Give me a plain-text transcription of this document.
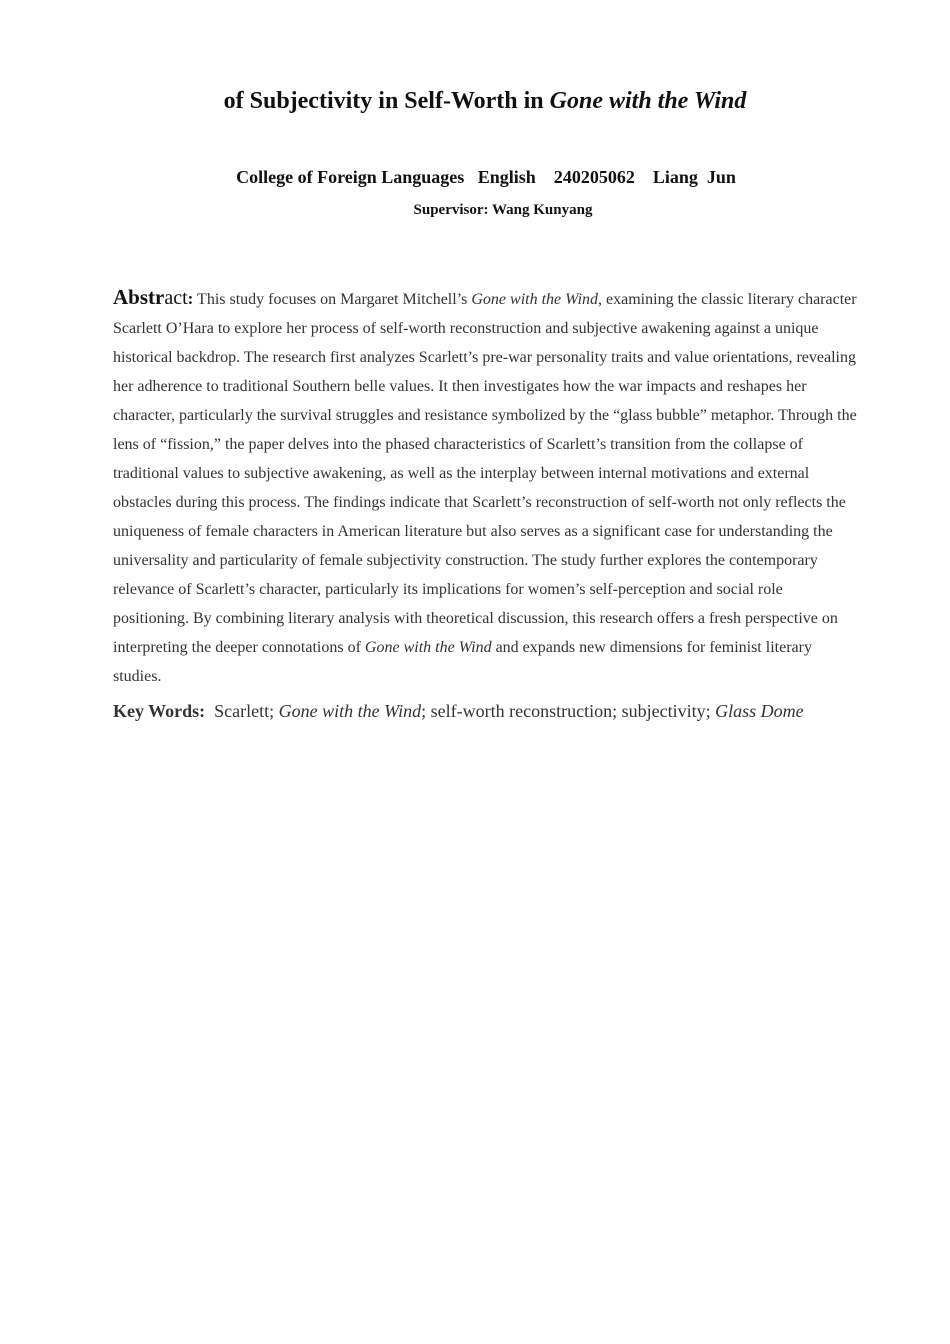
of Subjectivity in Self-Worth in Gone with the Wind
College of Foreign Languages   English    240205062    Liang  Jun
Supervisor: Wang Kunyang
Abstract: This study focuses on Margaret Mitchell’s Gone with the Wind, examining the classic literary character Scarlett O’Hara to explore her process of self-worth reconstruction and subjective awakening against a unique historical backdrop. The research first analyzes Scarlett’s pre-war personality traits and value orientations, revealing her adherence to traditional Southern belle values. It then investigates how the war impacts and reshapes her character, particularly the survival struggles and resistance symbolized by the “glass bubble” metaphor. Through the lens of “fission,” the paper delves into the phased characteristics of Scarlett’s transition from the collapse of traditional values to subjective awakening, as well as the interplay between internal motivations and external obstacles during this process. The findings indicate that Scarlett’s reconstruction of self-worth not only reflects the uniqueness of female characters in American literature but also serves as a significant case for understanding the universality and particularity of female subjectivity construction. The study further explores the contemporary relevance of Scarlett’s character, particularly its implications for women’s self-perception and social role positioning. By combining literary analysis with theoretical discussion, this research offers a fresh perspective on interpreting the deeper connotations of Gone with the Wind and expands new dimensions for feminist literary studies.
Key Words:  Scarlett; Gone with the Wind; self-worth reconstruction; subjectivity; Glass Dome
